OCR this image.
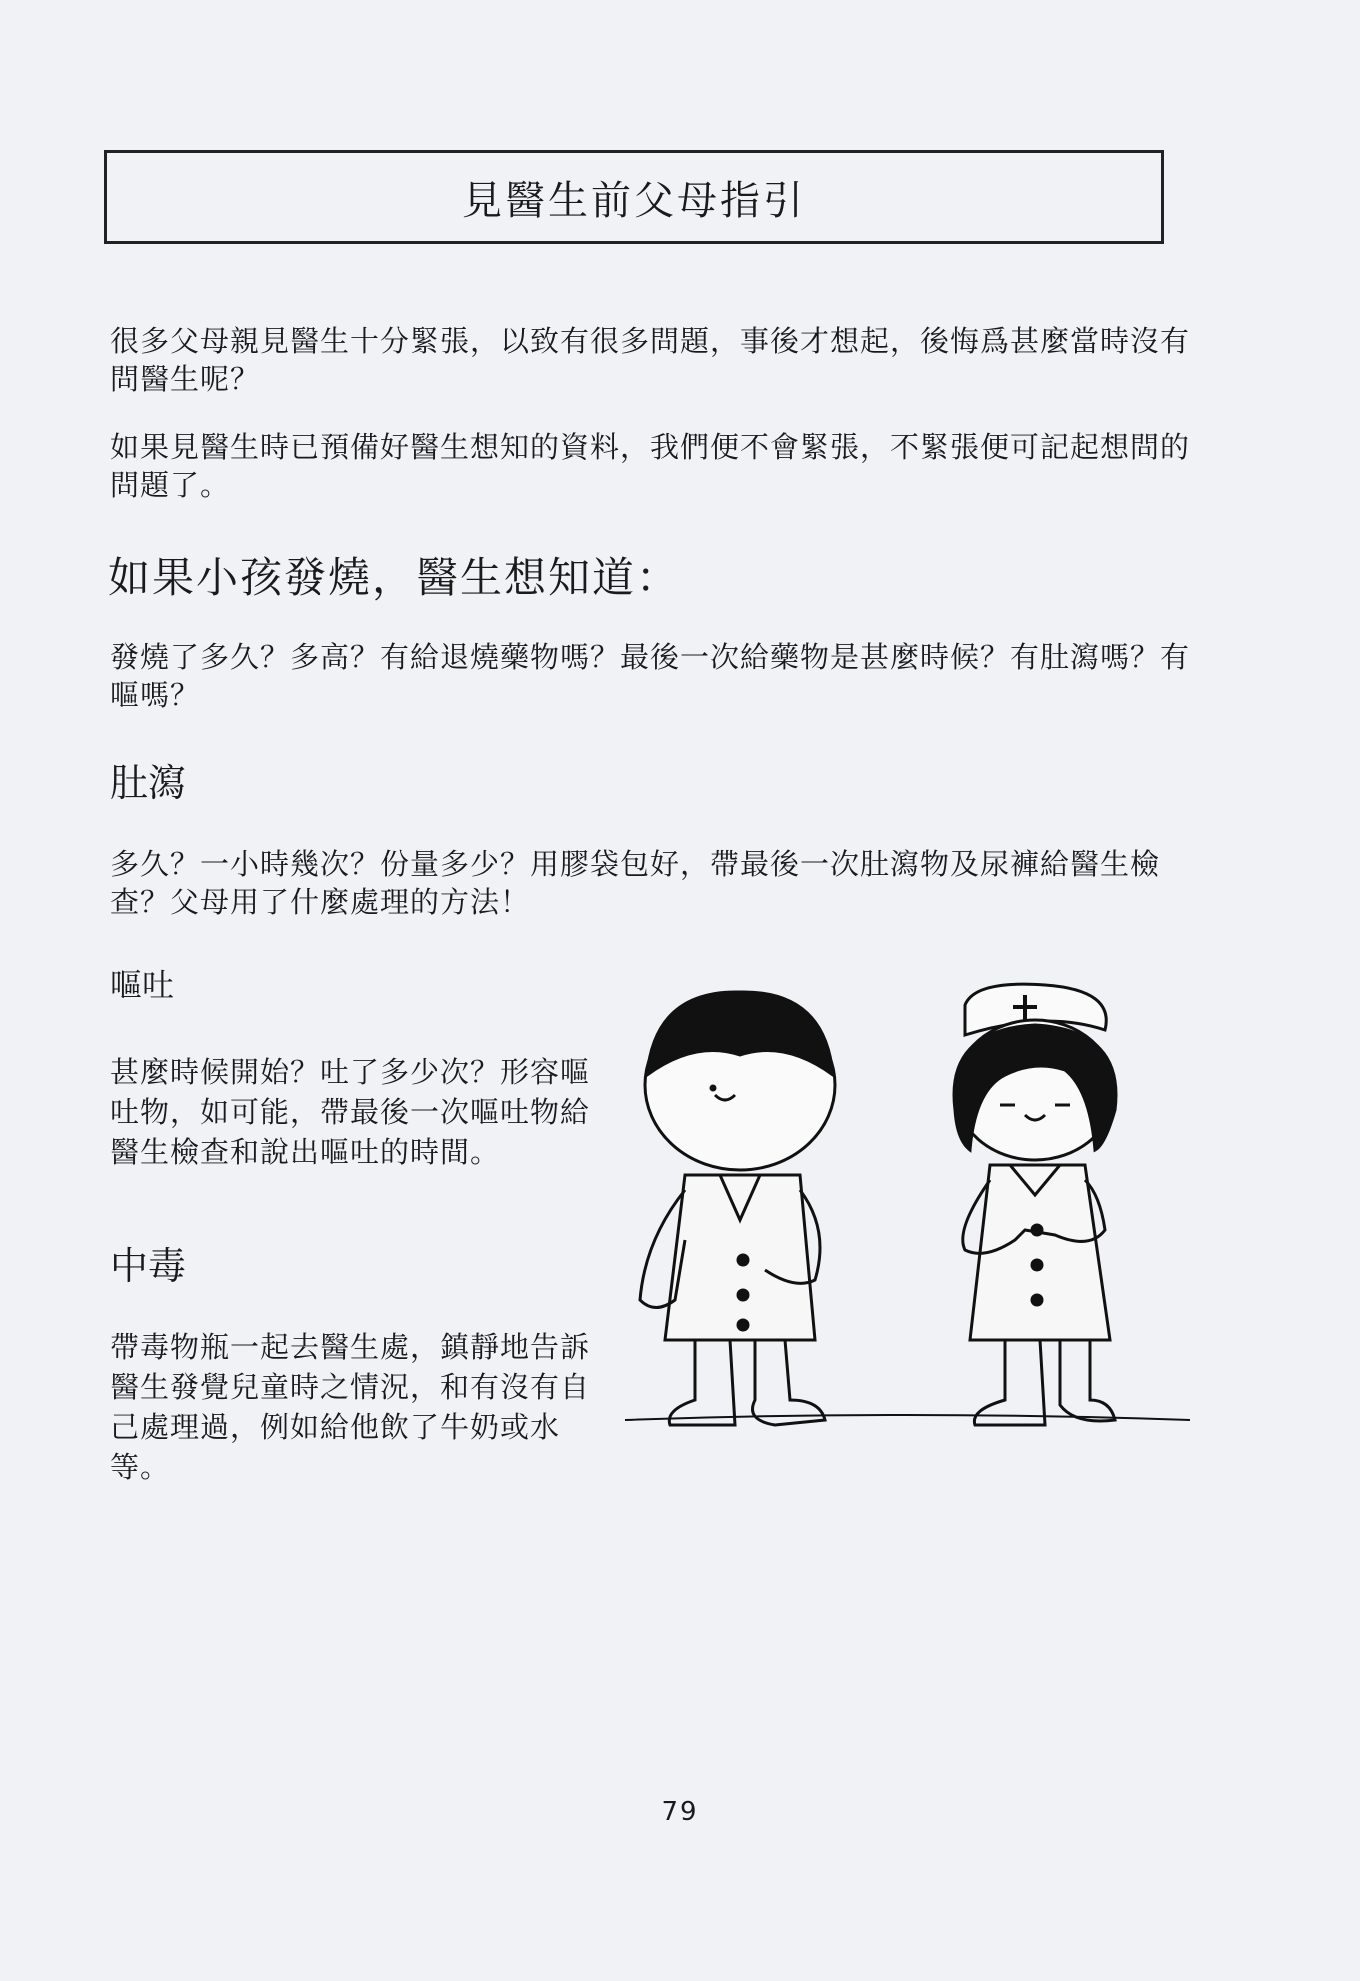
見醫生前父母指引

很多父母親見醫生十分緊張，以致有很多問題，事後才想起，後悔爲甚麼當時沒有問醫生呢？

如果見醫生時已預備好醫生想知的資料，我們便不會緊張，不緊張便可記起想問的問題了。

如果小孩發燒，醫生想知道：

發燒了多久？多高？有給退燒藥物嗎？最後一次給藥物是甚麼時候？有肚瀉嗎？有嘔嗎？

肚瀉

多久？一小時幾次？份量多少？用膠袋包好，帶最後一次肚瀉物及尿褲給醫生檢查？父母用了什麼處理的方法！

嘔吐

甚麼時候開始？吐了多少次？形容嘔吐物，如可能，帶最後一次嘔吐物給醫生檢查和說出嘔吐的時間。

中毒

帶毒物瓶一起去醫生處，鎮靜地告訴醫生發覺兒童時之情況，和有沒有自己處理過，例如給他飲了牛奶或水等。

79
